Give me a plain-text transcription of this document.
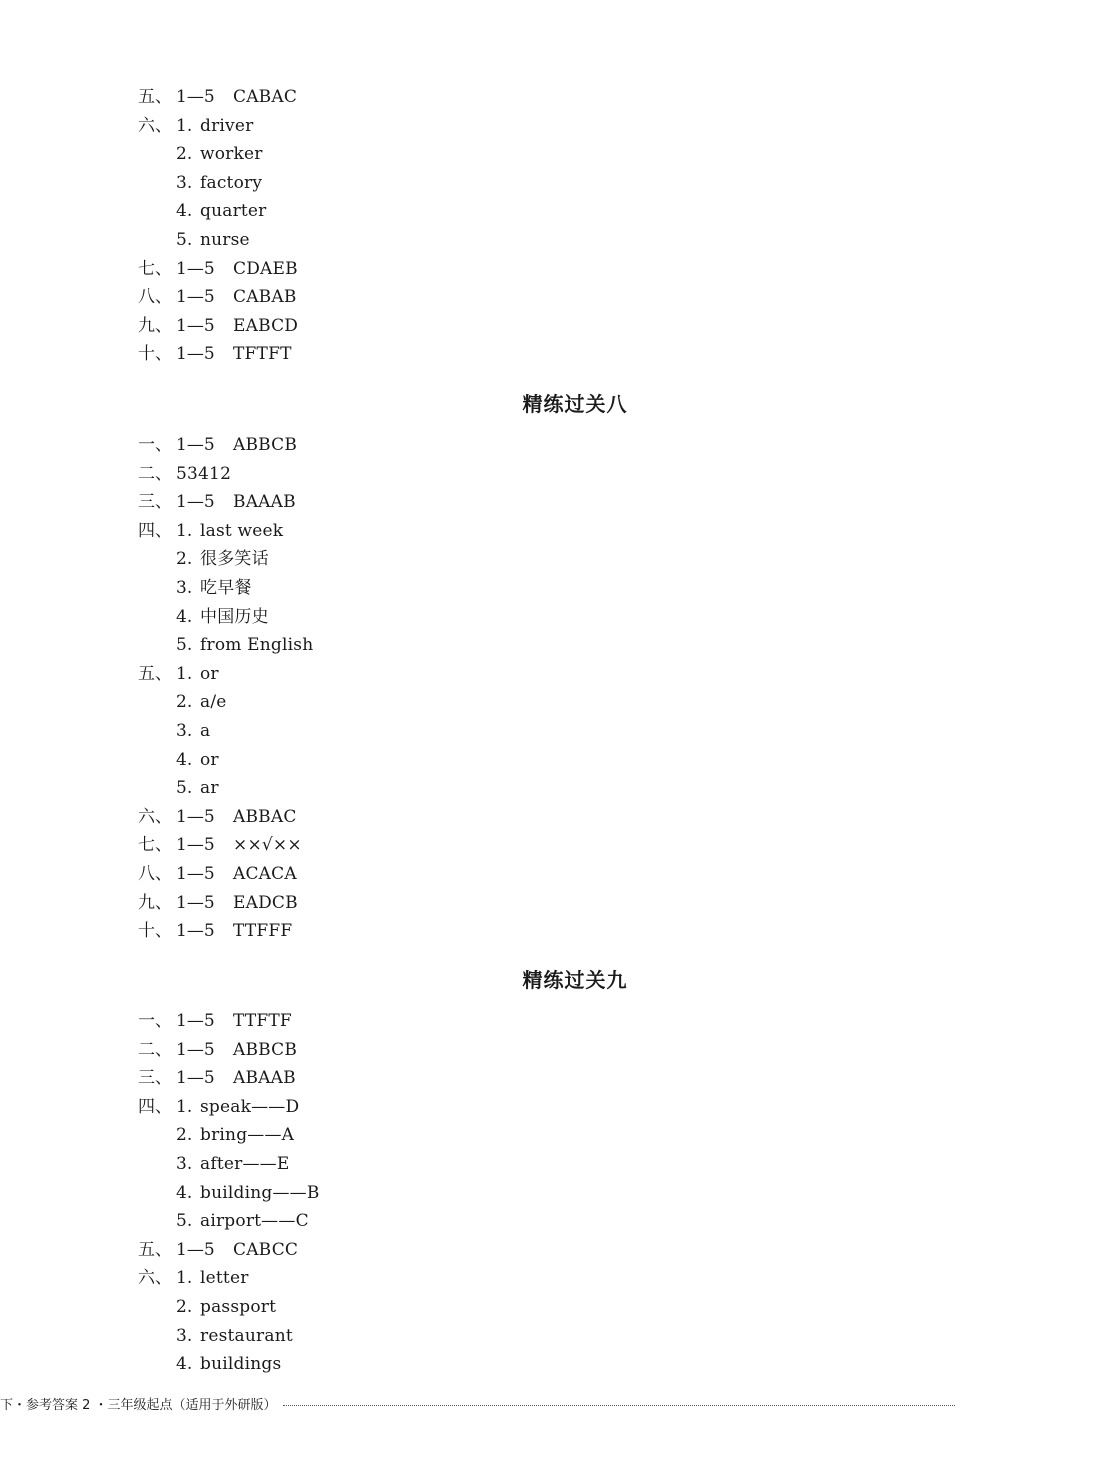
五、 1—5	CABAC
六、 1. driver
2. worker
3. factory
4. quarter
5. nurse
七、 1—5	CDAEB
八、 1—5	CABAB
九、 1—5	EABCD
十、 1—5	TFTFT
精练过关八
一、 1—5	ABBCB
二、 53412
三、 1—5	BAAAB
四、 1. last week
2. 很多笑话
3. 吃早餐
4. 中国历史
5. from English
五、 1. or
2. a/e
3. a
4. or
5. ar
六、 1—5	ABBAC
七、 1—5	××√××
八、 1—5	ACACA
九、 1—5	EADCB
十、 1—5	TTFFF
精练过关九
一、 1—5	TTFTF
二、 1—5	ABBCB
三、 1—5	ABAAB
四、 1. speak——D
2. bring——A
3. after——E
4. building——B
5. airport——C
五、 1—5	CABCC
六、 1. letter
2. passport
3. restaurant
4. buildings
下・参考答案 2 ・三年级起点（适用于外研版）
